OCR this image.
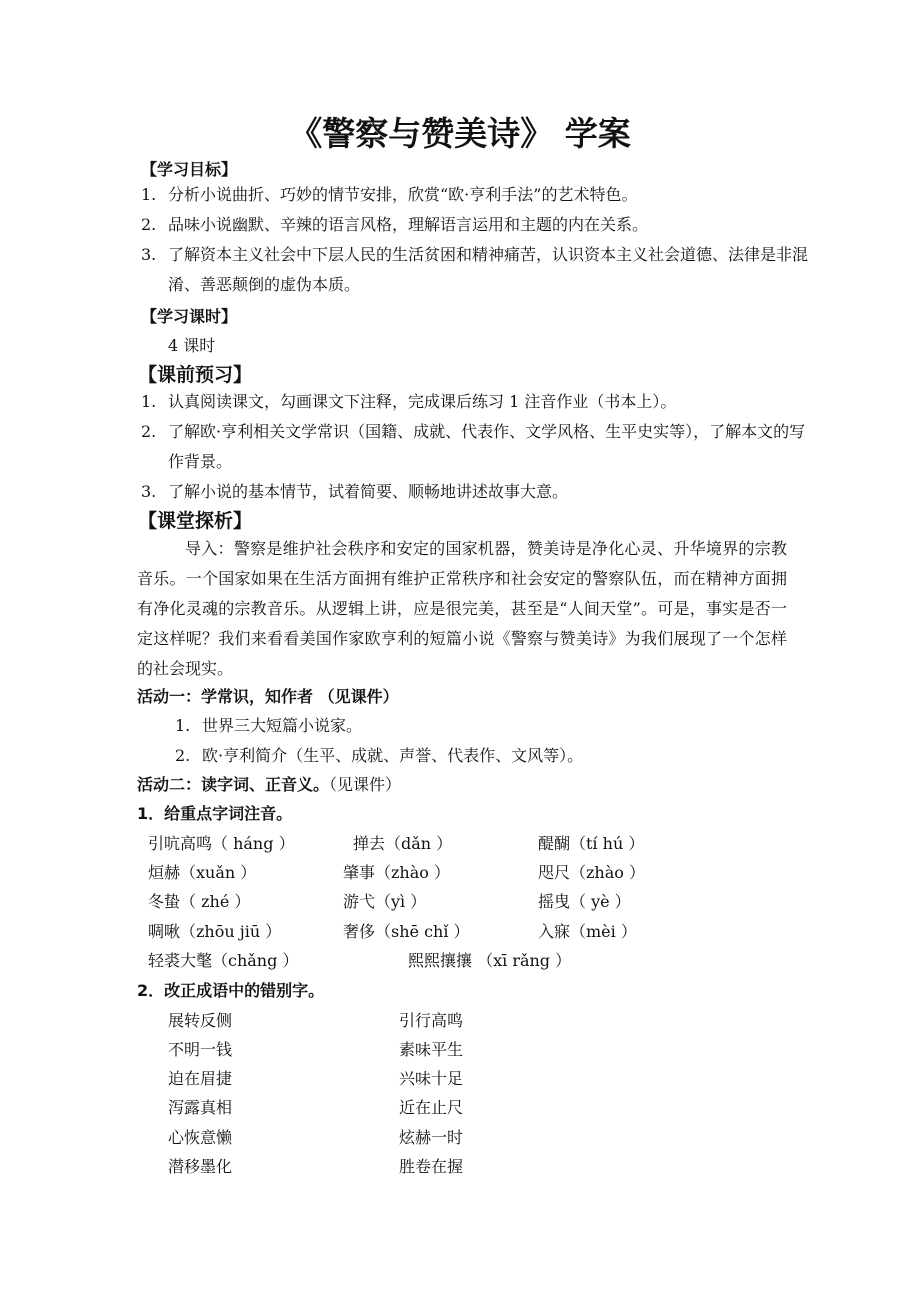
《警察与赞美诗》 学案
【学习目标】
1. 分析小说曲折、巧妙的情节安排，欣赏“欧·亨利手法”的艺术特色。
2. 品味小说幽默、辛辣的语言风格，理解语言运用和主题的内在关系。
3. 了解资本主义社会中下层人民的生活贫困和精神痛苦，认识资本主义社会道德、法律是非混淆、善恶颠倒的虚伪本质。
【学习课时】
4 课时
【课前预习】
1. 认真阅读课文，勾画课文下注释，完成课后练习 1 注音作业（书本上）。
2. 了解欧·亨利相关文学常识（国籍、成就、代表作、文学风格、生平史实等），了解本文的写作背景。
3. 了解小说的基本情节，试着简要、顺畅地讲述故事大意。
【课堂探析】
导入：警察是维护社会秩序和安定的国家机器，赞美诗是净化心灵、升华境界的宗教音乐。一个国家如果在生活方面拥有维护正常秩序和社会安定的警察队伍，而在精神方面拥有净化灵魂的宗教音乐。从逻辑上讲，应是很完美，甚至是“人间天堂”。可是，事实是否一定这样呢？我们来看看美国作家欧亨利的短篇小说《警察与赞美诗》为我们展现了一个怎样的社会现实。
活动一：学常识，知作者 （见课件）
1. 世界三大短篇小说家。
2. 欧·亨利简介（生平、成就、声誉、代表作、文风等）。
活动二：读字词、正音义。（见课件）
1．给重点字词注音。
引吭高鸣（ háng ）	掸去（dǎn ）	醍醐（tí hú ）
烜赫（xuǎn ）	肇事（zhào ）	咫尺（zhào ）
冬蛰（ zhé ）	游弋（yì ）	摇曳（ yè ）
啁啾（zhōu jiū ）	奢侈（shē chǐ ）	入寐（mèi ）
轻裘大氅（chǎng ）	熙熙攘攘 （xī rǎng ）
2．改正成语中的错别字。
展转反侧	引行高鸣
不明一钱	素味平生
迫在眉捷	兴味十足
泻露真相	近在止尺
心恢意懒	炫赫一时
潜移墨化	胜卷在握
